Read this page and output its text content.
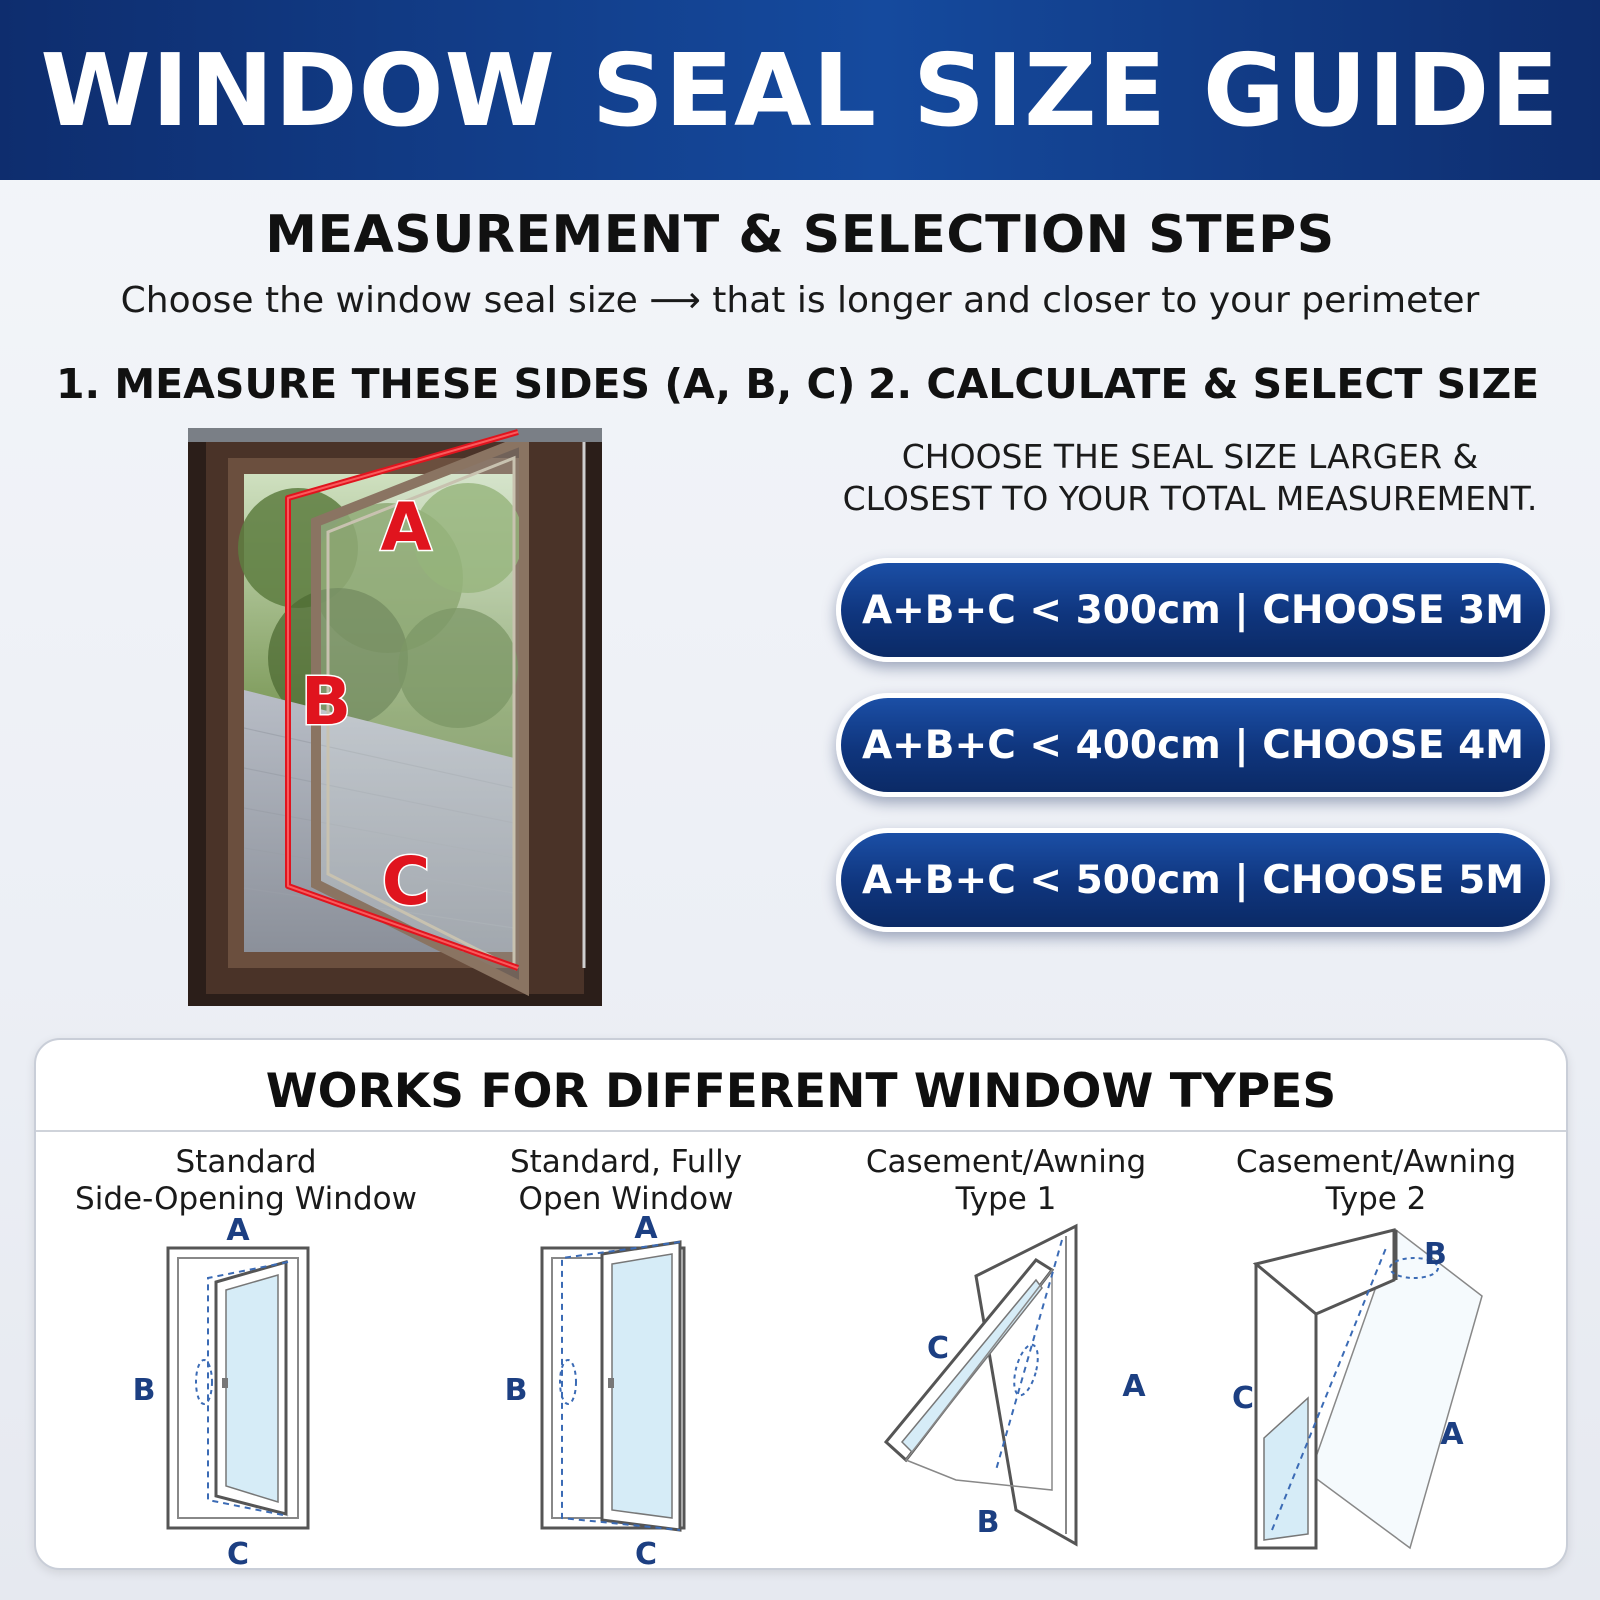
WINDOW SEAL SIZE GUIDE
MEASUREMENT & SELECTION STEPS
Choose the window seal size ⟶ that is longer and closer to your perimeter
1. MEASURE THESE SIDES (A, B, C) 2. CALCULATE & SELECT SIZE
A
B
C
CHOOSE THE SEAL SIZE LARGER &
CLOSEST TO YOUR TOTAL MEASUREMENT.
A+B+C < 300cm | CHOOSE 3M
A+B+C < 400cm | CHOOSE 4M
A+B+C < 500cm | CHOOSE 5M
WORKS FOR DIFFERENT WINDOW TYPES
Standard
Side-Opening Window
A
B
C
Standard, Fully
Open Window
A
B
C
Casement/Awning
Type 1
C
A
B
Casement/Awning
Type 2
B
C
A
